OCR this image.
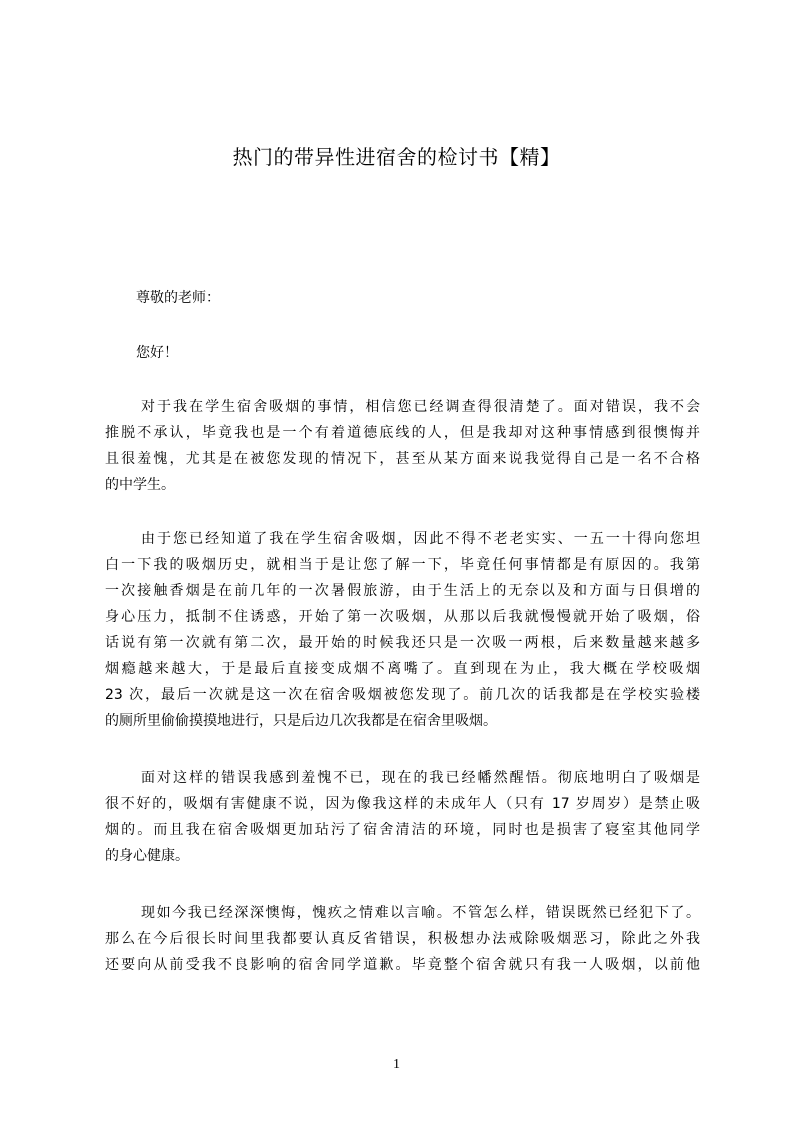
热门的带异性进宿舍的检讨书【精】
尊敬的老师：
您好！
对于我在学生宿舍吸烟的事情，相信您已经调查得很清楚了。面对错误，我不会
推脱不承认，毕竟我也是一个有着道德底线的人，但是我却对这种事情感到很懊悔并
且很羞愧，尤其是在被您发现的情况下，甚至从某方面来说我觉得自己是一名不合格
的中学生。
由于您已经知道了我在学生宿舍吸烟，因此不得不老老实实、一五一十得向您坦
白一下我的吸烟历史，就相当于是让您了解一下，毕竟任何事情都是有原因的。我第
一次接触香烟是在前几年的一次暑假旅游，由于生活上的无奈以及和方面与日俱增的
身心压力，抵制不住诱惑，开始了第一次吸烟，从那以后我就慢慢就开始了吸烟，俗
话说有第一次就有第二次，最开始的时候我还只是一次吸一两根，后来数量越来越多
烟瘾越来越大，于是最后直接变成烟不离嘴了。直到现在为止，我大概在学校吸烟
23 次，最后一次就是这一次在宿舍吸烟被您发现了。前几次的话我都是在学校实验楼
的厕所里偷偷摸摸地进行，只是后边几次我都是在宿舍里吸烟。
面对这样的错误我感到羞愧不已，现在的我已经幡然醒悟。彻底地明白了吸烟是
很不好的，吸烟有害健康不说，因为像我这样的未成年人（只有 17 岁周岁）是禁止吸
烟的。而且我在宿舍吸烟更加玷污了宿舍清洁的环境，同时也是损害了寝室其他同学
的身心健康。
现如今我已经深深懊悔，愧疚之情难以言喻。不管怎么样，错误既然已经犯下了。
那么在今后很长时间里我都要认真反省错误，积极想办法戒除吸烟恶习，除此之外我
还要向从前受我不良影响的宿舍同学道歉。毕竟整个宿舍就只有我一人吸烟，以前他
1
